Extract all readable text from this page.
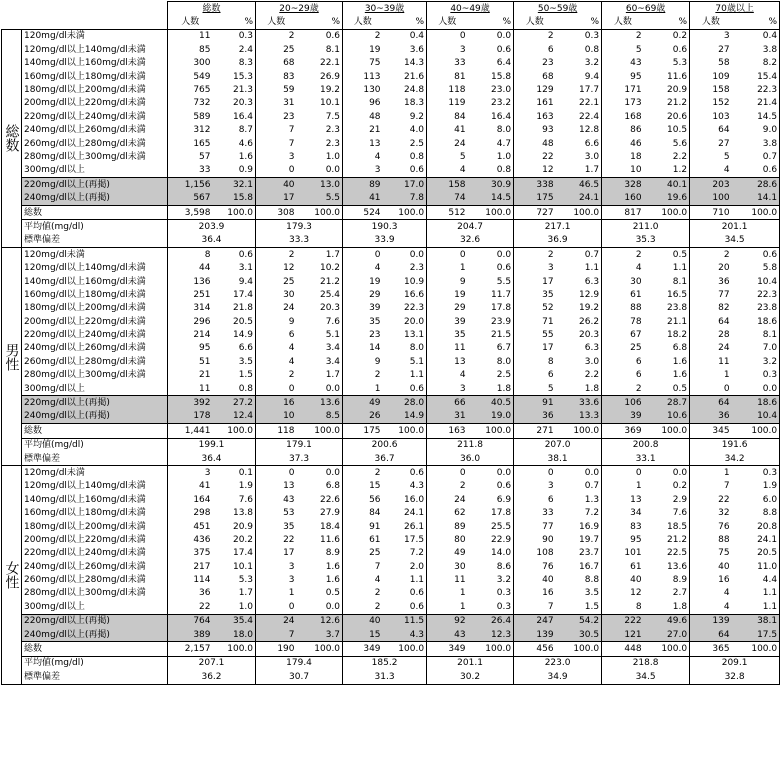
		総数		20~29歳		30~39歳		40~49歳		50~59歳		60~69歳		70歳以上	
		人数	%	人数	%	人数	%	人数	%	人数	%	人数	%	人数	%
総数	120mg/dl未満	11	0.3	2	0.6	2	0.4	0	0.0	2	0.3	2	0.2	3	0.4
	120mg/dl以上140mg/dl未満	85	2.4	25	8.1	19	3.6	3	0.6	6	0.8	5	0.6	27	3.8
	140mg/dl以上160mg/dl未満	300	8.3	68	22.1	75	14.3	33	6.4	23	3.2	43	5.3	58	8.2
	160mg/dl以上180mg/dl未満	549	15.3	83	26.9	113	21.6	81	15.8	68	9.4	95	11.6	109	15.4
	180mg/dl以上200mg/dl未満	765	21.3	59	19.2	130	24.8	118	23.0	129	17.7	171	20.9	158	22.3
	200mg/dl以上220mg/dl未満	732	20.3	31	10.1	96	18.3	119	23.2	161	22.1	173	21.2	152	21.4
	220mg/dl以上240mg/dl未満	589	16.4	23	7.5	48	9.2	84	16.4	163	22.4	168	20.6	103	14.5
	240mg/dl以上260mg/dl未満	312	8.7	7	2.3	21	4.0	41	8.0	93	12.8	86	10.5	64	9.0
	260mg/dl以上280mg/dl未満	165	4.6	7	2.3	13	2.5	24	4.7	48	6.6	46	5.6	27	3.8
	280mg/dl以上300mg/dl未満	57	1.6	3	1.0	4	0.8	5	1.0	22	3.0	18	2.2	5	0.7
	300mg/dl以上	33	0.9	0	0.0	3	0.6	4	0.8	12	1.7	10	1.2	4	0.6
	220mg/dl以上(再掲)	1,156	32.1	40	13.0	89	17.0	158	30.9	338	46.5	328	40.1	203	28.6
	240mg/dl以上(再掲)	567	15.8	17	5.5	41	7.8	74	14.5	175	24.1	160	19.6	100	14.1
	総数	3,598	100.0	308	100.0	524	100.0	512	100.0	727	100.0	817	100.0	710	100.0
	平均値(mg/dl)	203.9		179.3		190.3		204.7		217.1		211.0		201.1	
	標準偏差	36.4		33.3		33.9		32.6		36.9		35.3		34.5	
男性	120mg/dl未満	8	0.6	2	1.7	0	0.0	0	0.0	2	0.7	2	0.5	2	0.6
	120mg/dl以上140mg/dl未満	44	3.1	12	10.2	4	2.3	1	0.6	3	1.1	4	1.1	20	5.8
	140mg/dl以上160mg/dl未満	136	9.4	25	21.2	19	10.9	9	5.5	17	6.3	30	8.1	36	10.4
	160mg/dl以上180mg/dl未満	251	17.4	30	25.4	29	16.6	19	11.7	35	12.9	61	16.5	77	22.3
	180mg/dl以上200mg/dl未満	314	21.8	24	20.3	39	22.3	29	17.8	52	19.2	88	23.8	82	23.8
	200mg/dl以上220mg/dl未満	296	20.5	9	7.6	35	20.0	39	23.9	71	26.2	78	21.1	64	18.6
	220mg/dl以上240mg/dl未満	214	14.9	6	5.1	23	13.1	35	21.5	55	20.3	67	18.2	28	8.1
	240mg/dl以上260mg/dl未満	95	6.6	4	3.4	14	8.0	11	6.7	17	6.3	25	6.8	24	7.0
	260mg/dl以上280mg/dl未満	51	3.5	4	3.4	9	5.1	13	8.0	8	3.0	6	1.6	11	3.2
	280mg/dl以上300mg/dl未満	21	1.5	2	1.7	2	1.1	4	2.5	6	2.2	6	1.6	1	0.3
	300mg/dl以上	11	0.8	0	0.0	1	0.6	3	1.8	5	1.8	2	0.5	0	0.0
	220mg/dl以上(再掲)	392	27.2	16	13.6	49	28.0	66	40.5	91	33.6	106	28.7	64	18.6
	240mg/dl以上(再掲)	178	12.4	10	8.5	26	14.9	31	19.0	36	13.3	39	10.6	36	10.4
	総数	1,441	100.0	118	100.0	175	100.0	163	100.0	271	100.0	369	100.0	345	100.0
	平均値(mg/dl)	199.1		179.1		200.6		211.8		207.0		200.8		191.6	
	標準偏差	36.4		37.3		36.7		36.0		38.1		33.1		34.2	
女性	120mg/dl未満	3	0.1	0	0.0	2	0.6	0	0.0	0	0.0	0	0.0	1	0.3
	120mg/dl以上140mg/dl未満	41	1.9	13	6.8	15	4.3	2	0.6	3	0.7	1	0.2	7	1.9
	140mg/dl以上160mg/dl未満	164	7.6	43	22.6	56	16.0	24	6.9	6	1.3	13	2.9	22	6.0
	160mg/dl以上180mg/dl未満	298	13.8	53	27.9	84	24.1	62	17.8	33	7.2	34	7.6	32	8.8
	180mg/dl以上200mg/dl未満	451	20.9	35	18.4	91	26.1	89	25.5	77	16.9	83	18.5	76	20.8
	200mg/dl以上220mg/dl未満	436	20.2	22	11.6	61	17.5	80	22.9	90	19.7	95	21.2	88	24.1
	220mg/dl以上240mg/dl未満	375	17.4	17	8.9	25	7.2	49	14.0	108	23.7	101	22.5	75	20.5
	240mg/dl以上260mg/dl未満	217	10.1	3	1.6	7	2.0	30	8.6	76	16.7	61	13.6	40	11.0
	260mg/dl以上280mg/dl未満	114	5.3	3	1.6	4	1.1	11	3.2	40	8.8	40	8.9	16	4.4
	280mg/dl以上300mg/dl未満	36	1.7	1	0.5	2	0.6	1	0.3	16	3.5	12	2.7	4	1.1
	300mg/dl以上	22	1.0	0	0.0	2	0.6	1	0.3	7	1.5	8	1.8	4	1.1
	220mg/dl以上(再掲)	764	35.4	24	12.6	40	11.5	92	26.4	247	54.2	222	49.6	139	38.1
	240mg/dl以上(再掲)	389	18.0	7	3.7	15	4.3	43	12.3	139	30.5	121	27.0	64	17.5
	総数	2,157	100.0	190	100.0	349	100.0	349	100.0	456	100.0	448	100.0	365	100.0
	平均値(mg/dl)	207.1		179.4		185.2		201.1		223.0		218.8		209.1	
	標準偏差	36.2		30.7		31.3		30.2		34.9		34.5		32.8	
